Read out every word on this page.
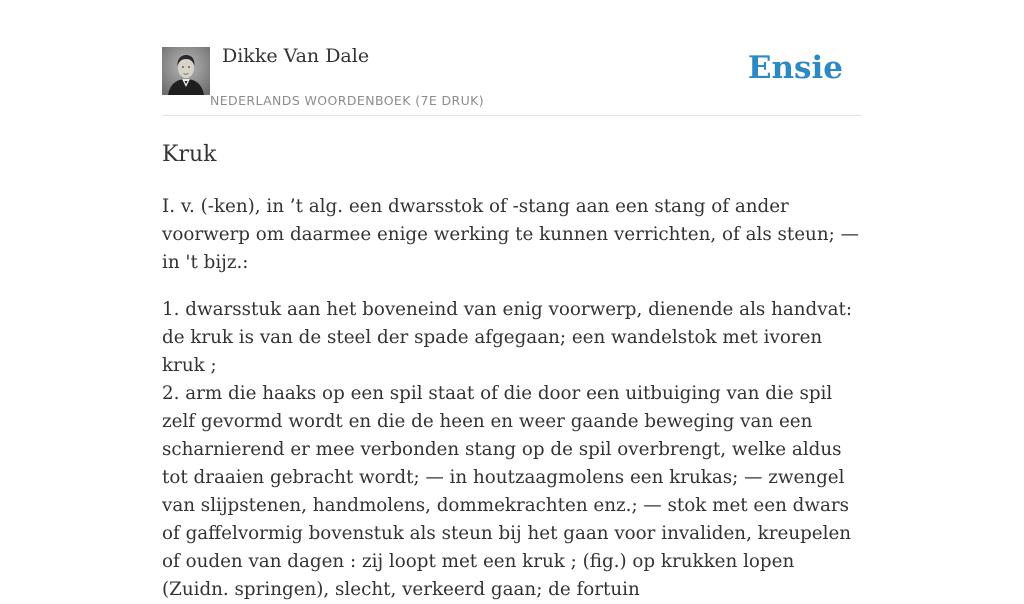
Dikke Van Dale
NEDERLANDS WOORDENBOEK (7E DRUK)
Ensie
Kruk

I. v. (-ken), in ’t alg. een dwarsstok of -stang aan een stang of ander voorwerp om daarmee enige werking te kunnen verrichten, of als steun; — in 't bijz.:

1. dwarsstuk aan het boveneind van enig voorwerp, dienende als handvat: de kruk is van de steel der spade afgegaan; een wandelstok met ivoren kruk ;
2. arm die haaks op een spil staat of die door een uitbuiging van die spil zelf gevormd wordt en die de heen en weer gaande beweging van een scharnierend er mee verbonden stang op de spil overbrengt, welke aldus tot draaien gebracht wordt; — in houtzaagmolens een krukas; — zwengel van slijpstenen, handmolens, dommekrachten enz.; — stok met een dwars of gaffelvormig bovenstuk als steun bij het gaan voor invaliden, kreupelen of ouden van dagen : zij loopt met een kruk ; (fig.) op krukken lopen (Zuidn. springen), slecht, verkeerd gaan; de fortuin
